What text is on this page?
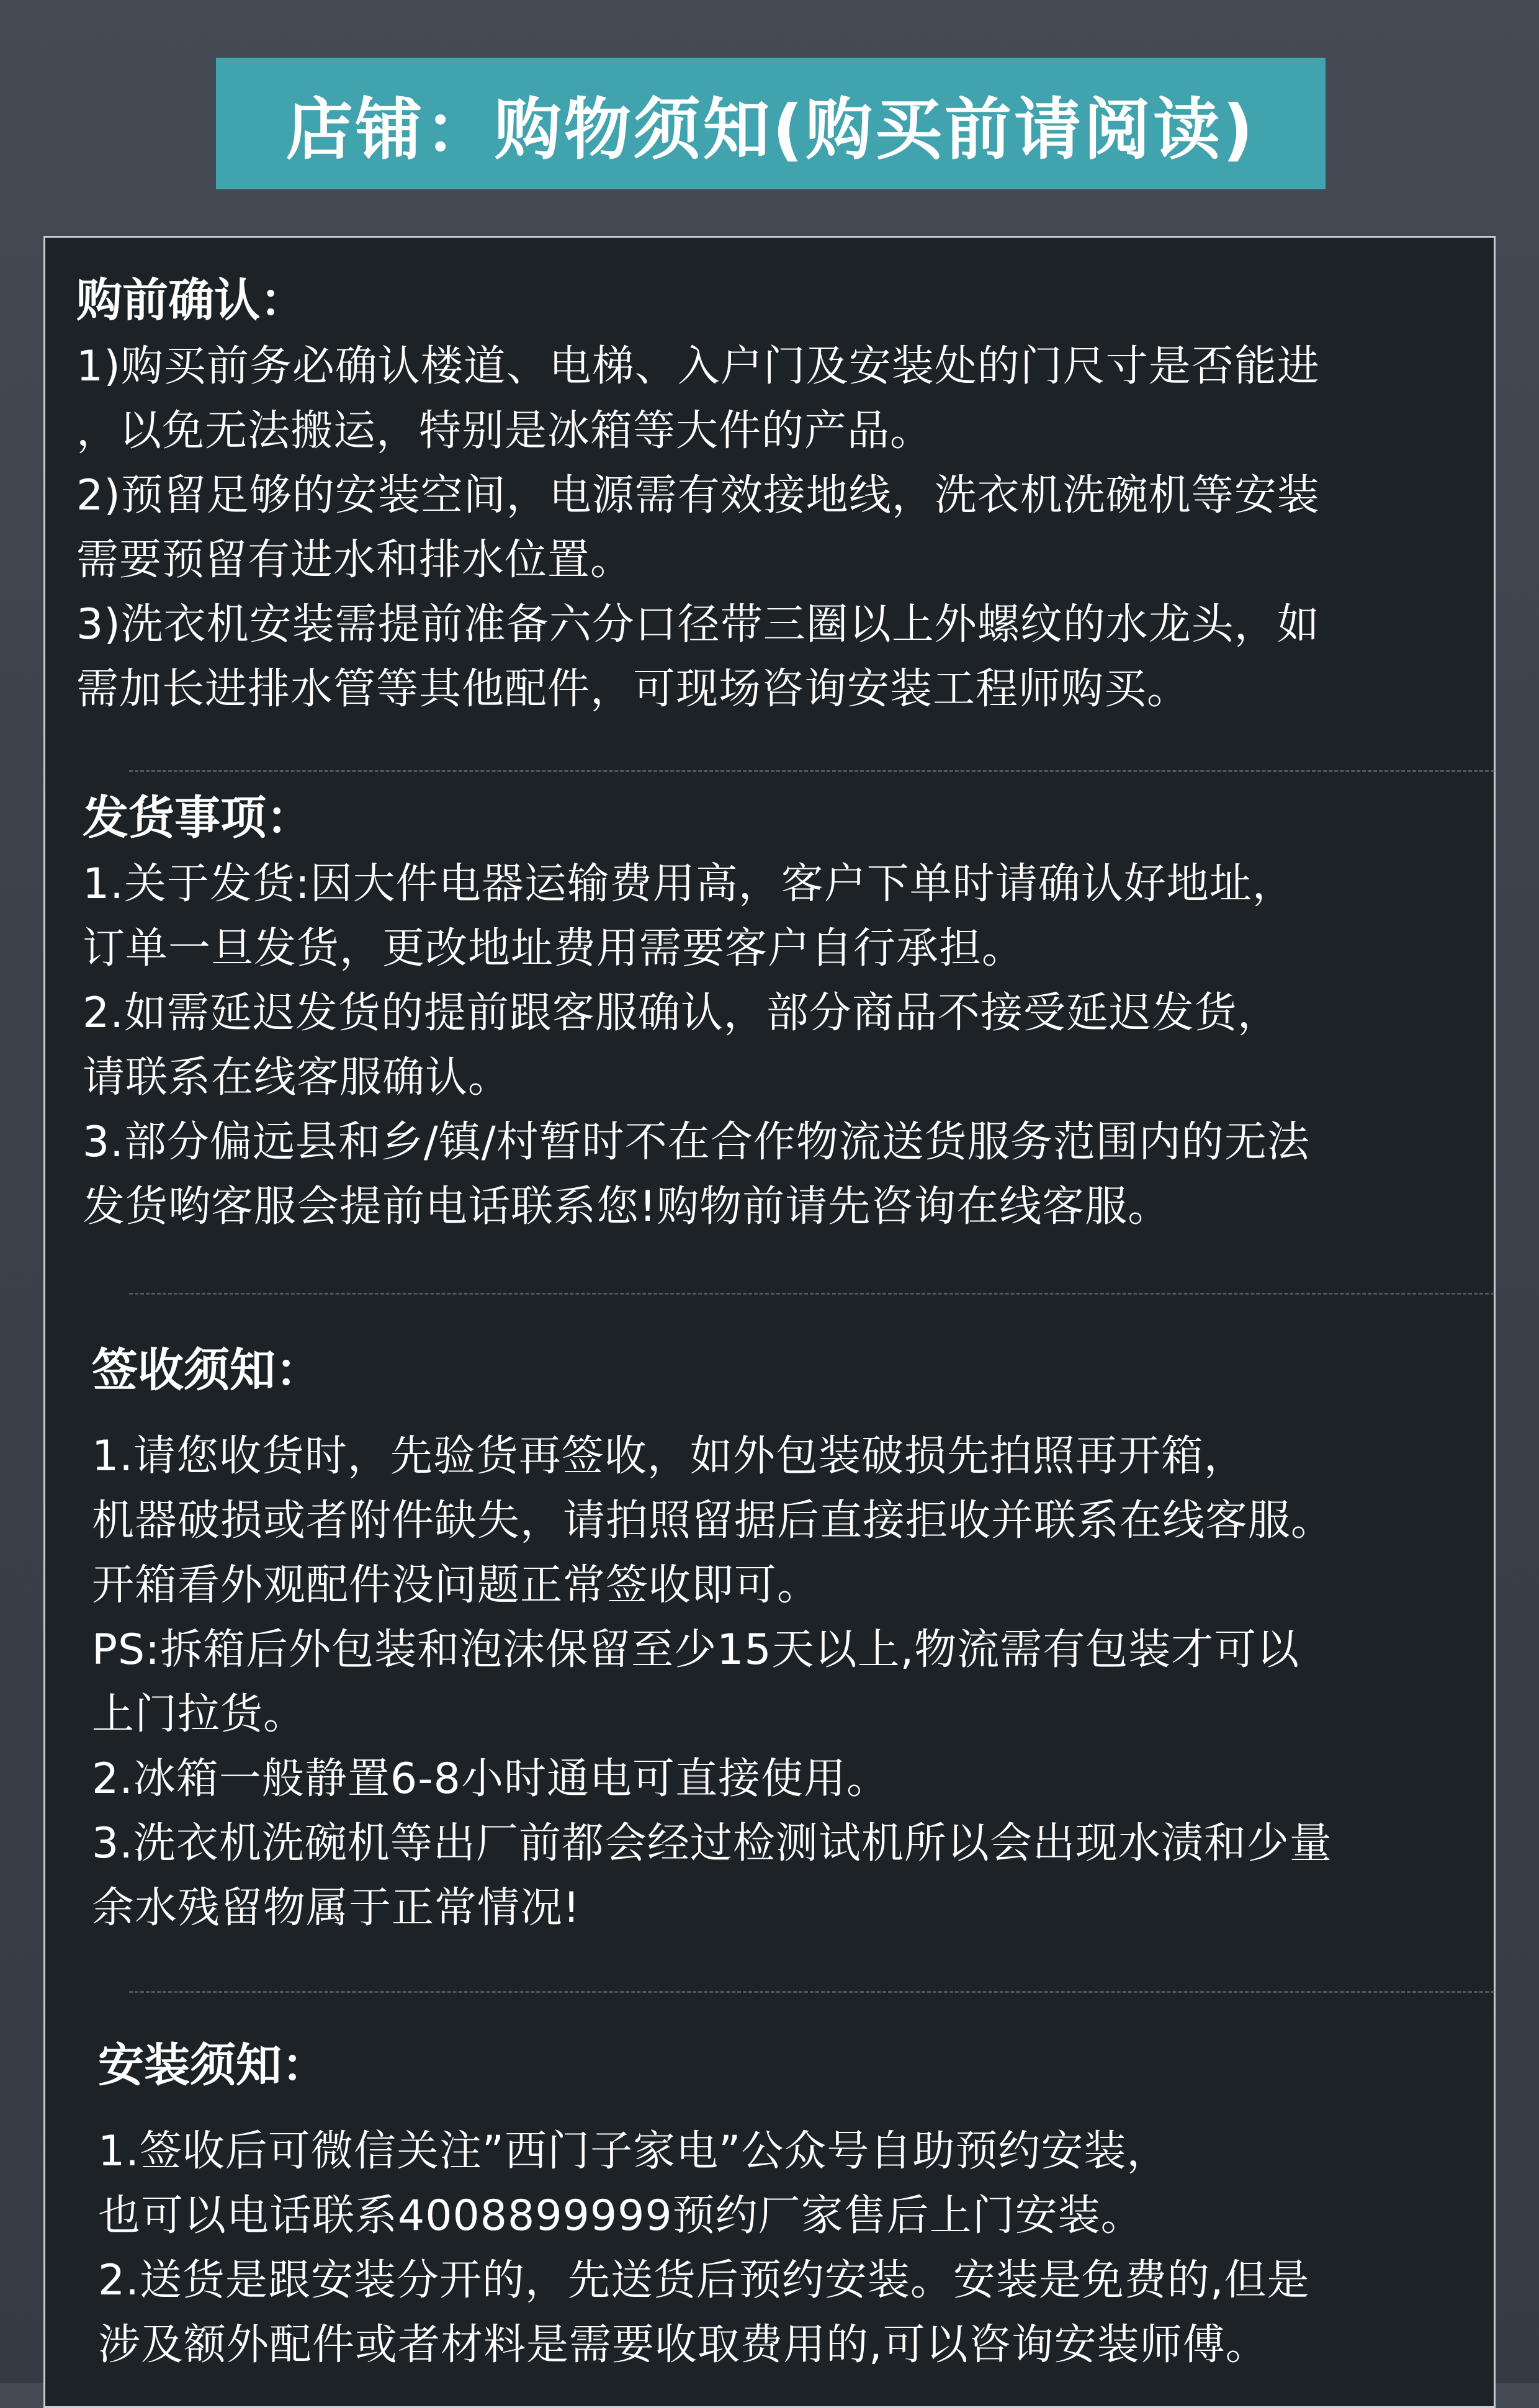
店铺：购物须知(购买前请阅读)
购前确认：

1)购买前务必确认楼道、电梯、入户门及安装处的门尺寸是否能进

，以免无法搬运，特别是冰箱等大件的产品。

2)预留足够的安装空间，电源需有效接地线，洗衣机洗碗机等安装

需要预留有进水和排水位置。

3)洗衣机安装需提前准备六分口径带三圈以上外螺纹的水龙头，如

需加长进排水管等其他配件，可现场咨询安装工程师购买。

发货事项：

1.关于发货:因大件电器运输费用高，客户下单时请确认好地址，

订单一旦发货，更改地址费用需要客户自行承担。

2.如需延迟发货的提前跟客服确认，部分商品不接受延迟发货，

请联系在线客服确认。

3.部分偏远县和乡/镇/村暂时不在合作物流送货服务范围内的无法

发货哟客服会提前电话联系您!购物前请先咨询在线客服。

签收须知：

1.请您收货时，先验货再签收，如外包装破损先拍照再开箱，

机器破损或者附件缺失，请拍照留据后直接拒收并联系在线客服。

开箱看外观配件没问题正常签收即可。

PS:拆箱后外包装和泡沫保留至少15天以上,物流需有包装才可以

上门拉货。

2.冰箱一般静置6-8小时通电可直接使用。

3.洗衣机洗碗机等出厂前都会经过检测试机所以会出现水渍和少量

余水残留物属于正常情况!

安装须知：

1.签收后可微信关注”西门子家电”公众号自助预约安装，

也可以电话联系4008899999预约厂家售后上门安装。

2.送货是跟安装分开的，先送货后预约安装。安装是免费的,但是

涉及额外配件或者材料是需要收取费用的,可以咨询安装师傅。
